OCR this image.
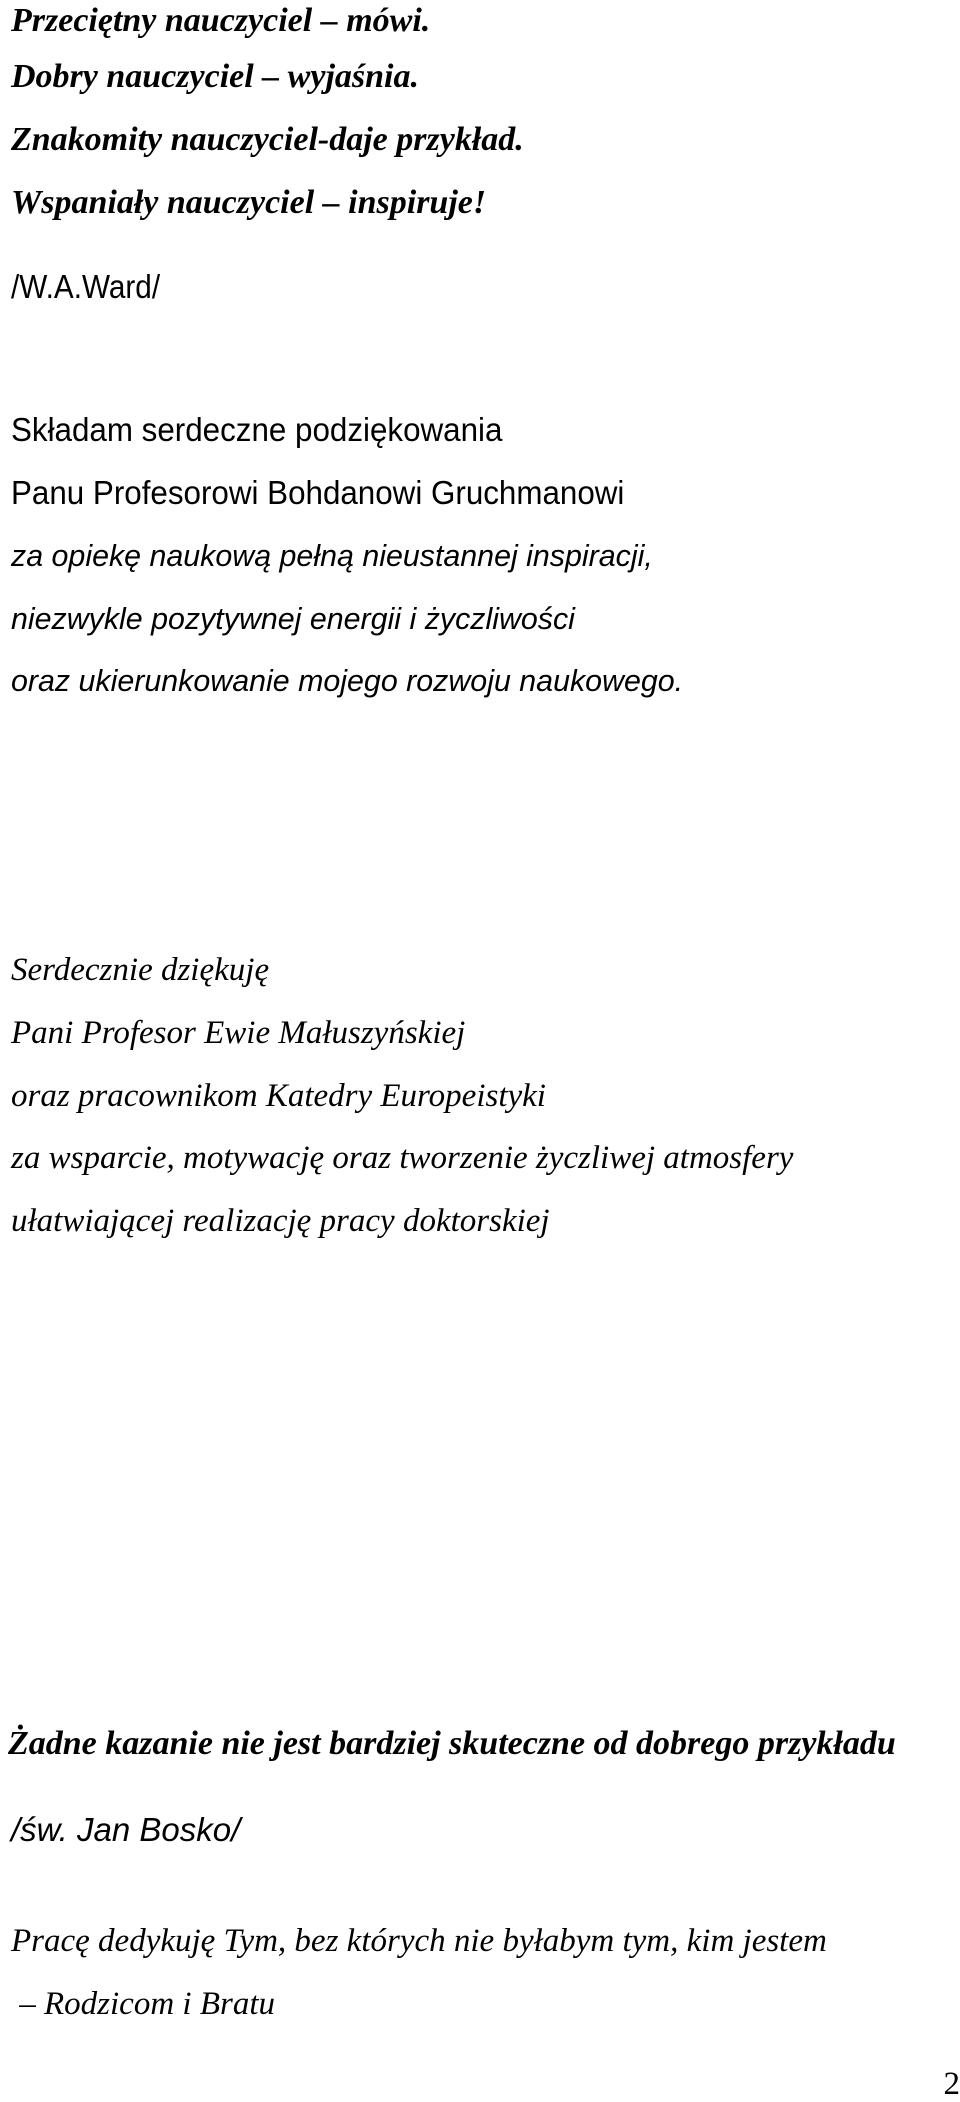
Przeciętny nauczyciel – mówi.

Dobry nauczyciel – wyjaśnia.

Znakomity nauczyciel-daje przykład.

Wspaniały nauczyciel – inspiruje!

/W.A.Ward/

Składam serdeczne podziękowania

Panu Profesorowi Bohdanowi Gruchmanowi

za opiekę naukową pełną nieustannej inspiracji,

niezwykle pozytywnej energii i życzliwości

oraz ukierunkowanie mojego rozwoju naukowego.

Serdecznie dziękuję

Pani Profesor Ewie Małuszyńskiej

oraz pracownikom Katedry Europeistyki

za wsparcie, motywację oraz tworzenie życzliwej atmosfery

ułatwiającej realizację pracy doktorskiej

Żadne kazanie nie jest bardziej skuteczne od dobrego przykładu

/św. Jan Bosko/

Pracę dedykuję Tym, bez których nie byłabym tym, kim jestem

– Rodzicom i Bratu

2
